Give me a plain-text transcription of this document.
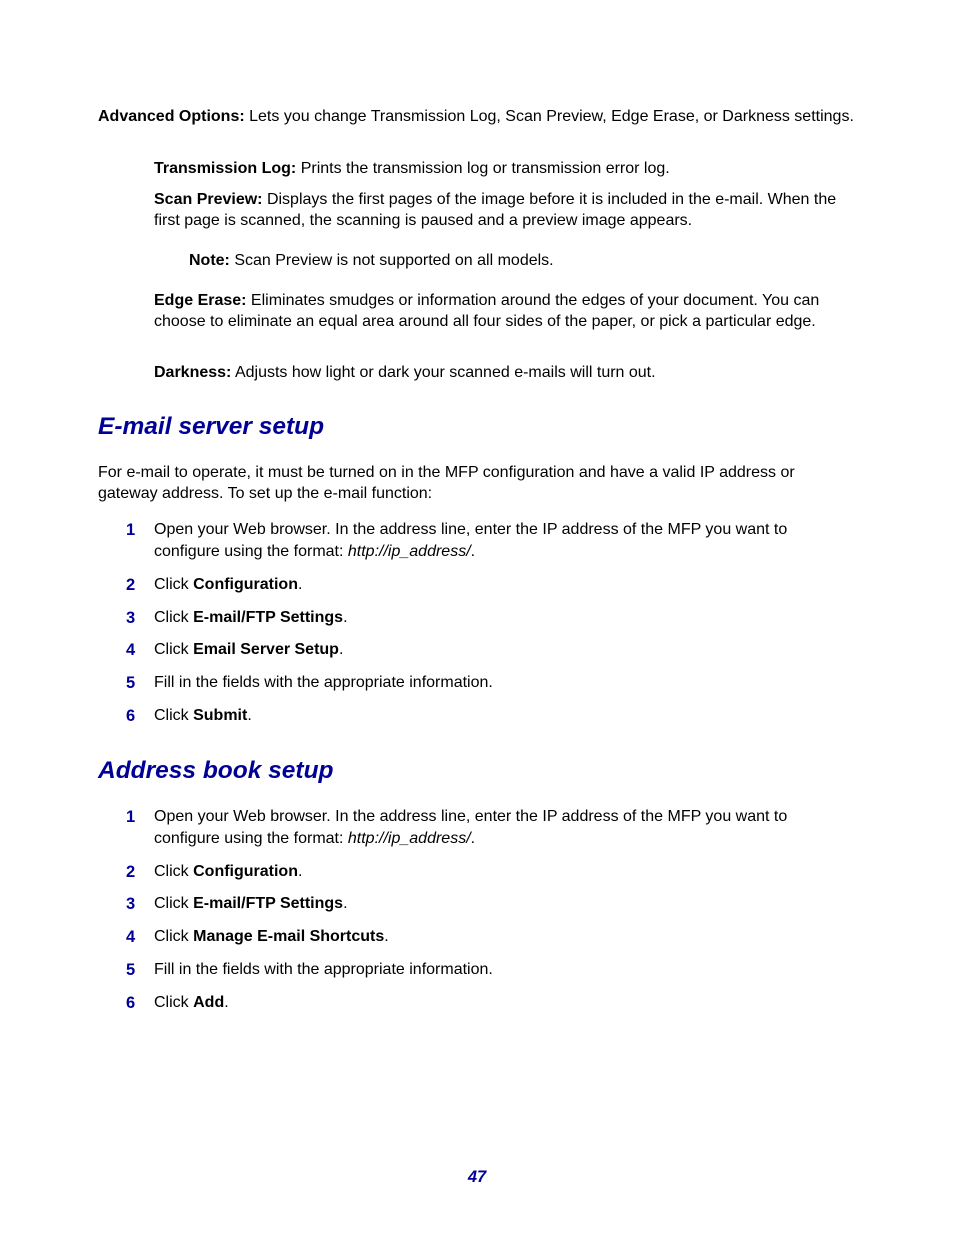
Advanced Options: Lets you change Transmission Log, Scan Preview, Edge Erase, or Darkness settings.
Transmission Log: Prints the transmission log or transmission error log.
Scan Preview: Displays the first pages of the image before it is included in the e-mail. When the first page is scanned, the scanning is paused and a preview image appears.
Note: Scan Preview is not supported on all models.
Edge Erase: Eliminates smudges or information around the edges of your document. You can choose to eliminate an equal area around all four sides of the paper, or pick a particular edge.
Darkness: Adjusts how light or dark your scanned e-mails will turn out.
E-mail server setup
For e-mail to operate, it must be turned on in the MFP configuration and have a valid IP address or gateway address. To set up the e-mail function:
1 Open your Web browser. In the address line, enter the IP address of the MFP you want to configure using the format: http://ip_address/.
2 Click Configuration.
3 Click E-mail/FTP Settings.
4 Click Email Server Setup.
5 Fill in the fields with the appropriate information.
6 Click Submit.
Address book setup
1 Open your Web browser. In the address line, enter the IP address of the MFP you want to configure using the format: http://ip_address/.
2 Click Configuration.
3 Click E-mail/FTP Settings.
4 Click Manage E-mail Shortcuts.
5 Fill in the fields with the appropriate information.
6 Click Add.
47
